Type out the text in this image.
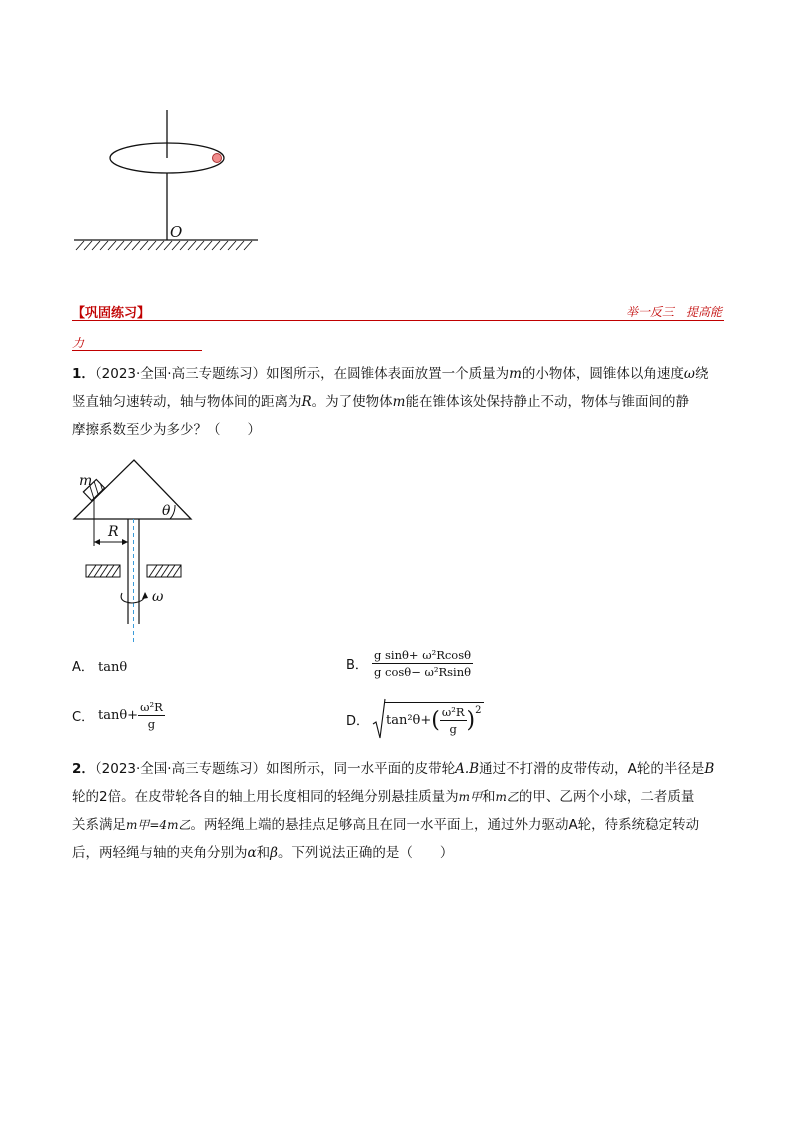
O
【巩固练习】	举一反三　提高能
力
1．（2023·全国·高三专题练习）如图所示，在圆锥体表面放置一个质量为m的小物体，圆锥体以角速度ω绕
竖直轴匀速转动，轴与物体间的距离为R。为了使物体m能在锥体该处保持静止不动，物体与锥面间的静
摩擦系数至少为多少？（　　）
m
θ
R
ω
A． tanθ	B． $\frac{\text{g sinθ+ ω²Rcosθ}}{\text{g cosθ− ω²Rsinθ}}$
C． $\tan\theta+ \frac{\text{ω²R}}{g}$	D． $\tan^2\theta+( \frac{\text{ω²R}}{g} )^2$
2．（2023·全国·高三专题练习）如图所示，同一水平面的皮带轮A.B通过不打滑的皮带传动，A轮的半径是B
轮的2倍。在皮带轮各自的轴上用长度相同的轻绳分别悬挂质量为m甲和m乙的甲、乙两个小球，二者质量
关系满足m甲=4m乙。两轻绳上端的悬挂点足够高且在同一水平面上，通过外力驱动A轮，待系统稳定转动
后，两轻绳与轴的夹角分别为α和β。下列说法正确的是（　　）
